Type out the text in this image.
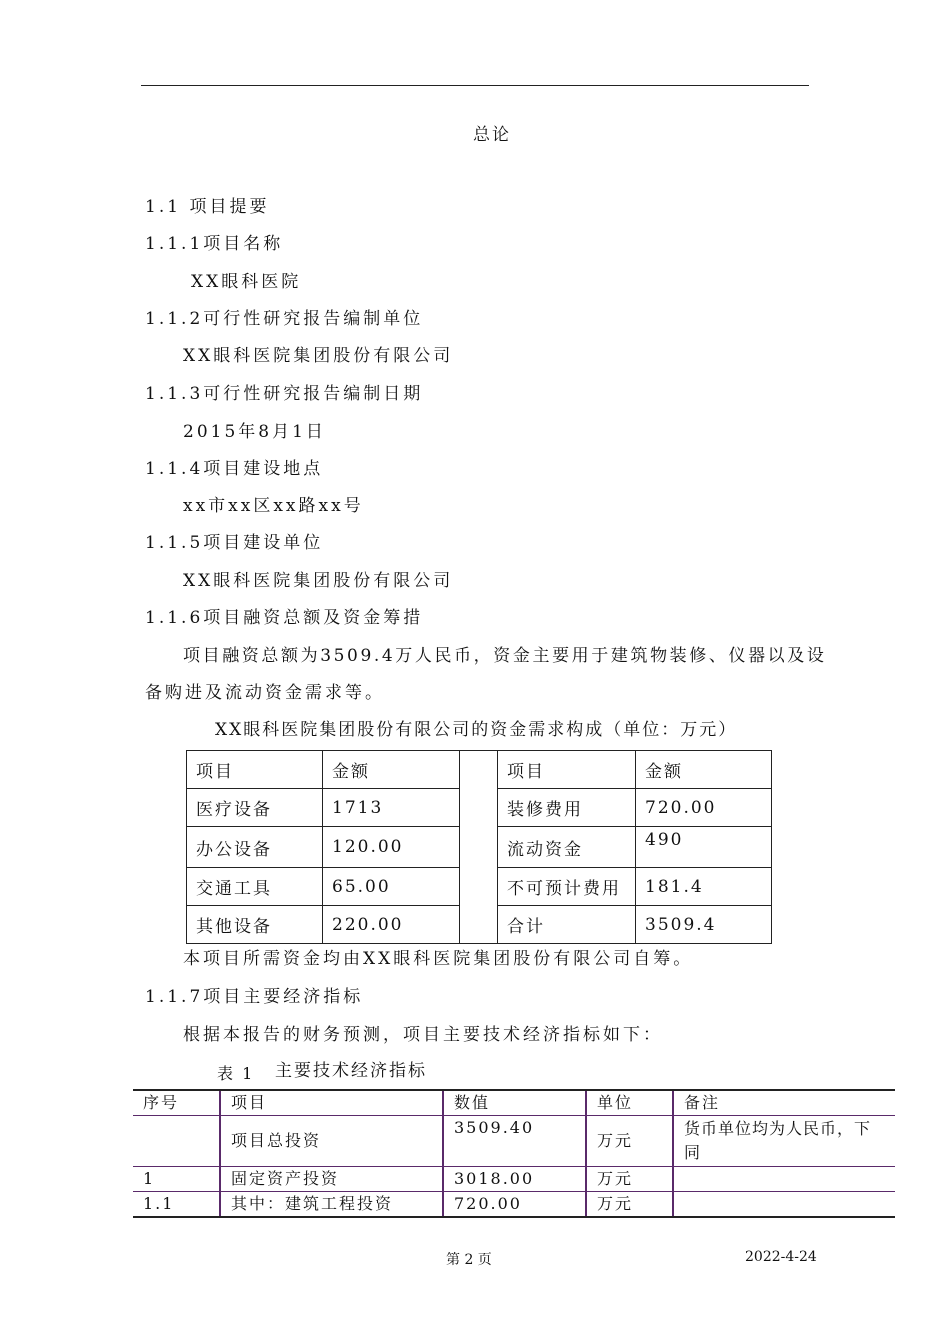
总论
1.1 项目提要
1.1.1项目名称
XX眼科医院
1.1.2可行性研究报告编制单位
XX眼科医院集团股份有限公司
1.1.3可行性研究报告编制日期
2015年8月1日
1.1.4项目建设地点
xx市xx区xx路xx号
1.1.5项目建设单位
XX眼科医院集团股份有限公司
1.1.6项目融资总额及资金筹措
项目融资总额为3509.4万人民币，资金主要用于建筑物装修、仪器以及设
备购进及流动资金需求等。
XX眼科医院集团股份有限公司的资金需求构成（单位：万元）
项目	金额		项目	金额
医疗设备	1713		装修费用	720.00
办公设备	120.00		流动资金	490
交通工具	65.00		不可预计费用	181.4
其他设备	220.00		合计	3509.4
本项目所需资金均由XX眼科医院集团股份有限公司自筹。
1.1.7项目主要经济指标
根据本报告的财务预测，项目主要技术经济指标如下：
表 1 主要技术经济指标
序号	项目	数值	单位	备注
	项目总投资	3509.40	万元	货币单位均为人民币，下同
1	固定资产投资	3018.00	万元	
1.1	其中：建筑工程投资	720.00	万元	
第 2 页	2022-4-24
